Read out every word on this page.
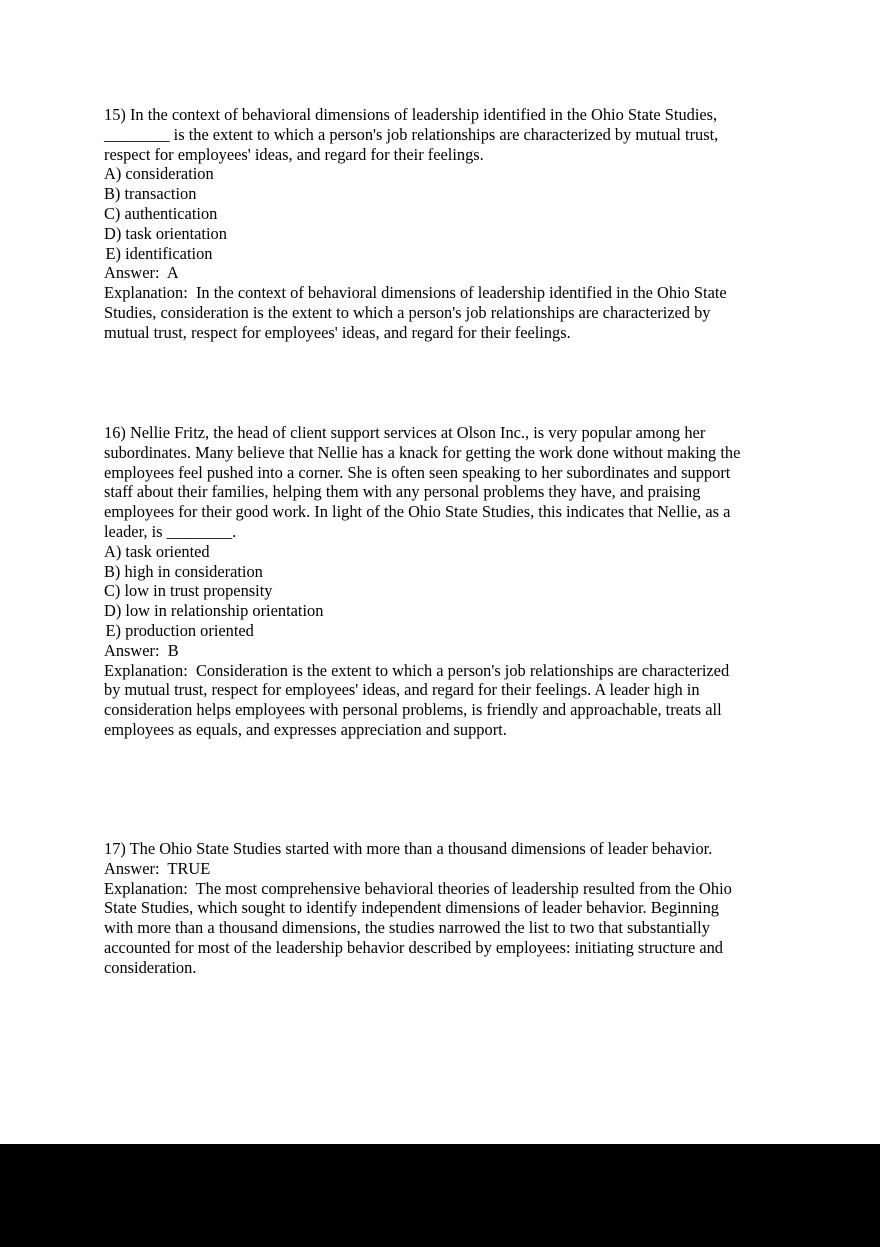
15) In the context of behavioral dimensions of leadership identified in the Ohio State Studies,
________ is the extent to which a person's job relationships are characterized by mutual trust,
respect for employees' ideas, and regard for their feelings.
A) consideration
B) transaction
C) authentication
D) task orientation
E) identification
Answer:  A
Explanation:  In the context of behavioral dimensions of leadership identified in the Ohio State
Studies, consideration is the extent to which a person's job relationships are characterized by
mutual trust, respect for employees' ideas, and regard for their feelings.
16) Nellie Fritz, the head of client support services at Olson Inc., is very popular among her
subordinates. Many believe that Nellie has a knack for getting the work done without making the
employees feel pushed into a corner. She is often seen speaking to her subordinates and support
staff about their families, helping them with any personal problems they have, and praising
employees for their good work. In light of the Ohio State Studies, this indicates that Nellie, as a
leader, is ________.
A) task oriented
B) high in consideration
C) low in trust propensity
D) low in relationship orientation
E) production oriented
Answer:  B
Explanation:  Consideration is the extent to which a person's job relationships are characterized
by mutual trust, respect for employees' ideas, and regard for their feelings. A leader high in
consideration helps employees with personal problems, is friendly and approachable, treats all
employees as equals, and expresses appreciation and support.
17) The Ohio State Studies started with more than a thousand dimensions of leader behavior.
Answer:  TRUE
Explanation:  The most comprehensive behavioral theories of leadership resulted from the Ohio
State Studies, which sought to identify independent dimensions of leader behavior. Beginning
with more than a thousand dimensions, the studies narrowed the list to two that substantially
accounted for most of the leadership behavior described by employees: initiating structure and
consideration.
